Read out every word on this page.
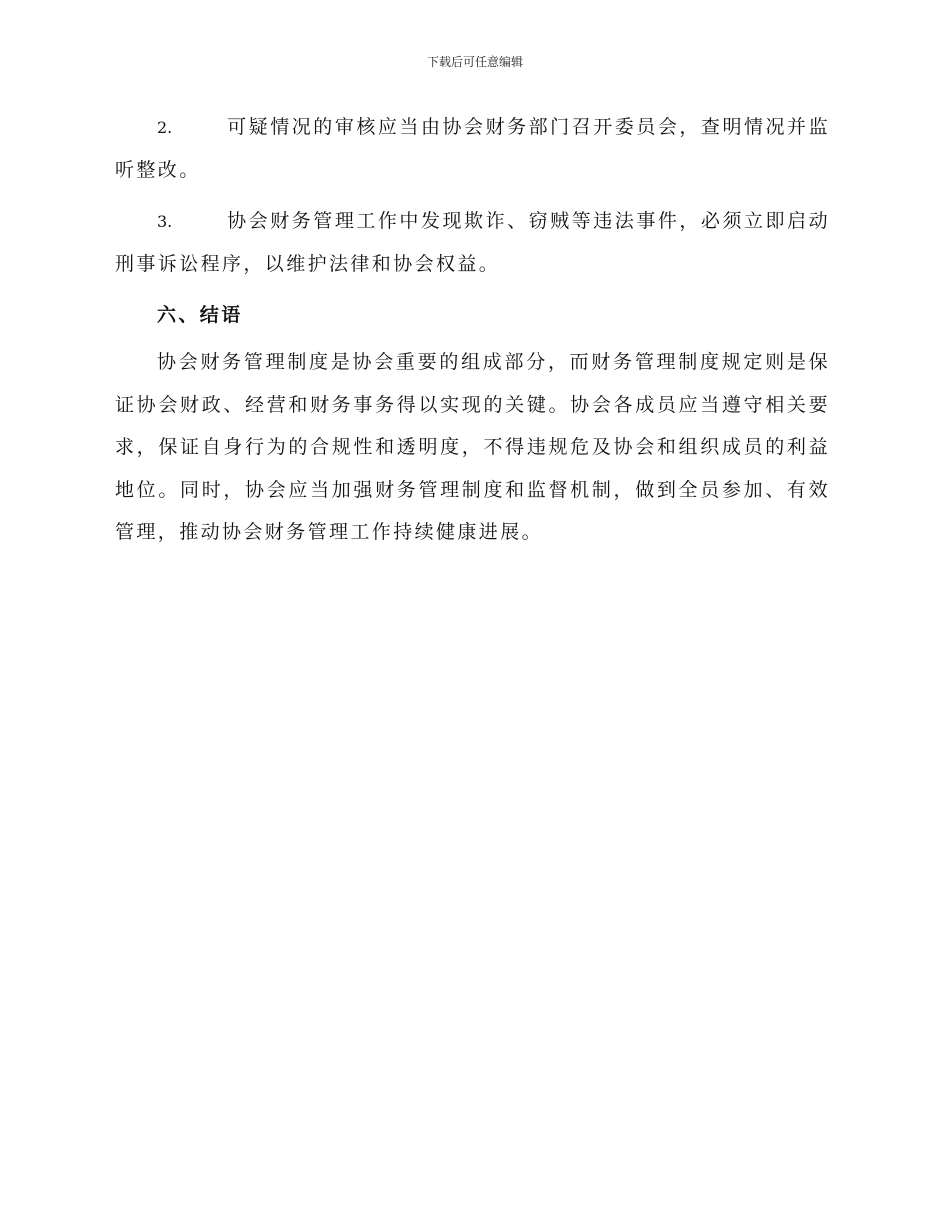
下载后可任意编辑

2.	可疑情况的审核应当由协会财务部门召开委员会，查明情况并监听整改。

3.	协会财务管理工作中发现欺诈、窃贼等违法事件，必须立即启动刑事诉讼程序，以维护法律和协会权益。

六、结语

协会财务管理制度是协会重要的组成部分，而财务管理制度规定则是保证协会财政、经营和财务事务得以实现的关键。协会各成员应当遵守相关要求，保证自身行为的合规性和透明度，不得违规危及协会和组织成员的利益地位。同时，协会应当加强财务管理制度和监督机制，做到全员参加、有效管理，推动协会财务管理工作持续健康进展。
